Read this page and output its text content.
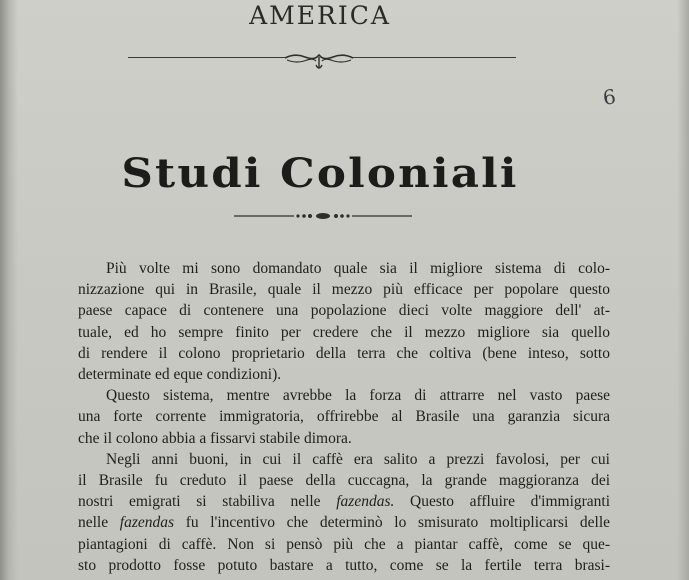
AMERICA
6
Studi Coloniali
Più volte mi sono domandato quale sia il migliore sistema di colo-
nizzazione qui in Brasile, quale il mezzo più efficace per popolare questo
paese capace di contenere una popolazione dieci volte maggiore dell' at-
tuale, ed ho sempre finito per credere che il mezzo migliore sia quello
di rendere il colono proprietario della terra che coltiva (bene inteso, sotto
determinate ed eque condizioni).
Questo sistema, mentre avrebbe la forza di attrarre nel vasto paese
una forte corrente immigratoria, offrirebbe al Brasile una garanzia sicura
che il colono abbia a fissarvi stabile dimora.
Negli anni buoni, in cui il caffè era salito a prezzi favolosi, per cui
il Brasile fu creduto il paese della cuccagna, la grande maggioranza dei
nostri emigrati si stabiliva nelle fazendas. Questo affluire d'immigranti
nelle fazendas fu l'incentivo che determinò lo smisurato moltiplicarsi delle
piantagioni di caffè. Non si pensò più che a piantar caffè, come se que-
sto prodotto fosse potuto bastare a tutto, come se la fertile terra brasi-
